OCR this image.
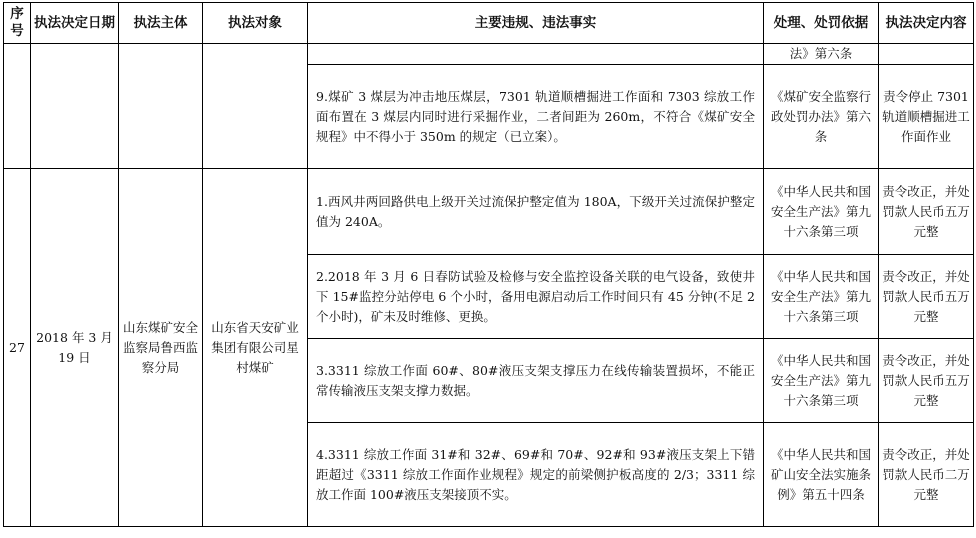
序号	执法决定日期	执法主体	执法对象	主要违规、违法事实	处理、处罚依据	执法决定内容
					法》第六条	
				9.煤矿 3 煤层为冲击地压煤层，7301 轨道顺槽掘进工作面和 7303 综放工作面布置在 3 煤层内同时进行采掘作业，二者间距为 260m，不符合《煤矿安全规程》中不得小于 350m 的规定（已立案）。	《煤矿安全监察行政处罚办法》第六条	责令停止 7301 轨道顺槽掘进工作面作业
27	2018 年 3 月 19 日	山东煤矿安全监察局鲁西监察分局	山东省天安矿业集团有限公司星村煤矿	1.西风井两回路供电上级开关过流保护整定值为 180A，下级开关过流保护整定值为 240A。	《中华人民共和国安全生产法》第九十六条第三项	责令改正，并处罚款人民币五万元整
				2.2018 年 3 月 6 日春防试验及检修与安全监控设备关联的电气设备，致使井下 15#监控分站停电 6 个小时，备用电源启动后工作时间只有 45 分钟(不足 2 个小时)，矿未及时维修、更换。	《中华人民共和国安全生产法》第九十六条第三项	责令改正，并处罚款人民币五万元整
				3.3311 综放工作面 60#、80#液压支架支撑压力在线传输装置损坏，不能正常传输液压支架支撑力数据。	《中华人民共和国安全生产法》第九十六条第三项	责令改正，并处罚款人民币五万元整
				4.3311 综放工作面 31#和 32#、69#和 70#、92#和 93#液压支架上下错距超过《3311 综放工作面作业规程》规定的前梁侧护板高度的 2/3；3311 综放工作面 100#液压支架接顶不实。	《中华人民共和国矿山安全法实施条例》第五十四条	责令改正，并处罚款人民币二万元整
